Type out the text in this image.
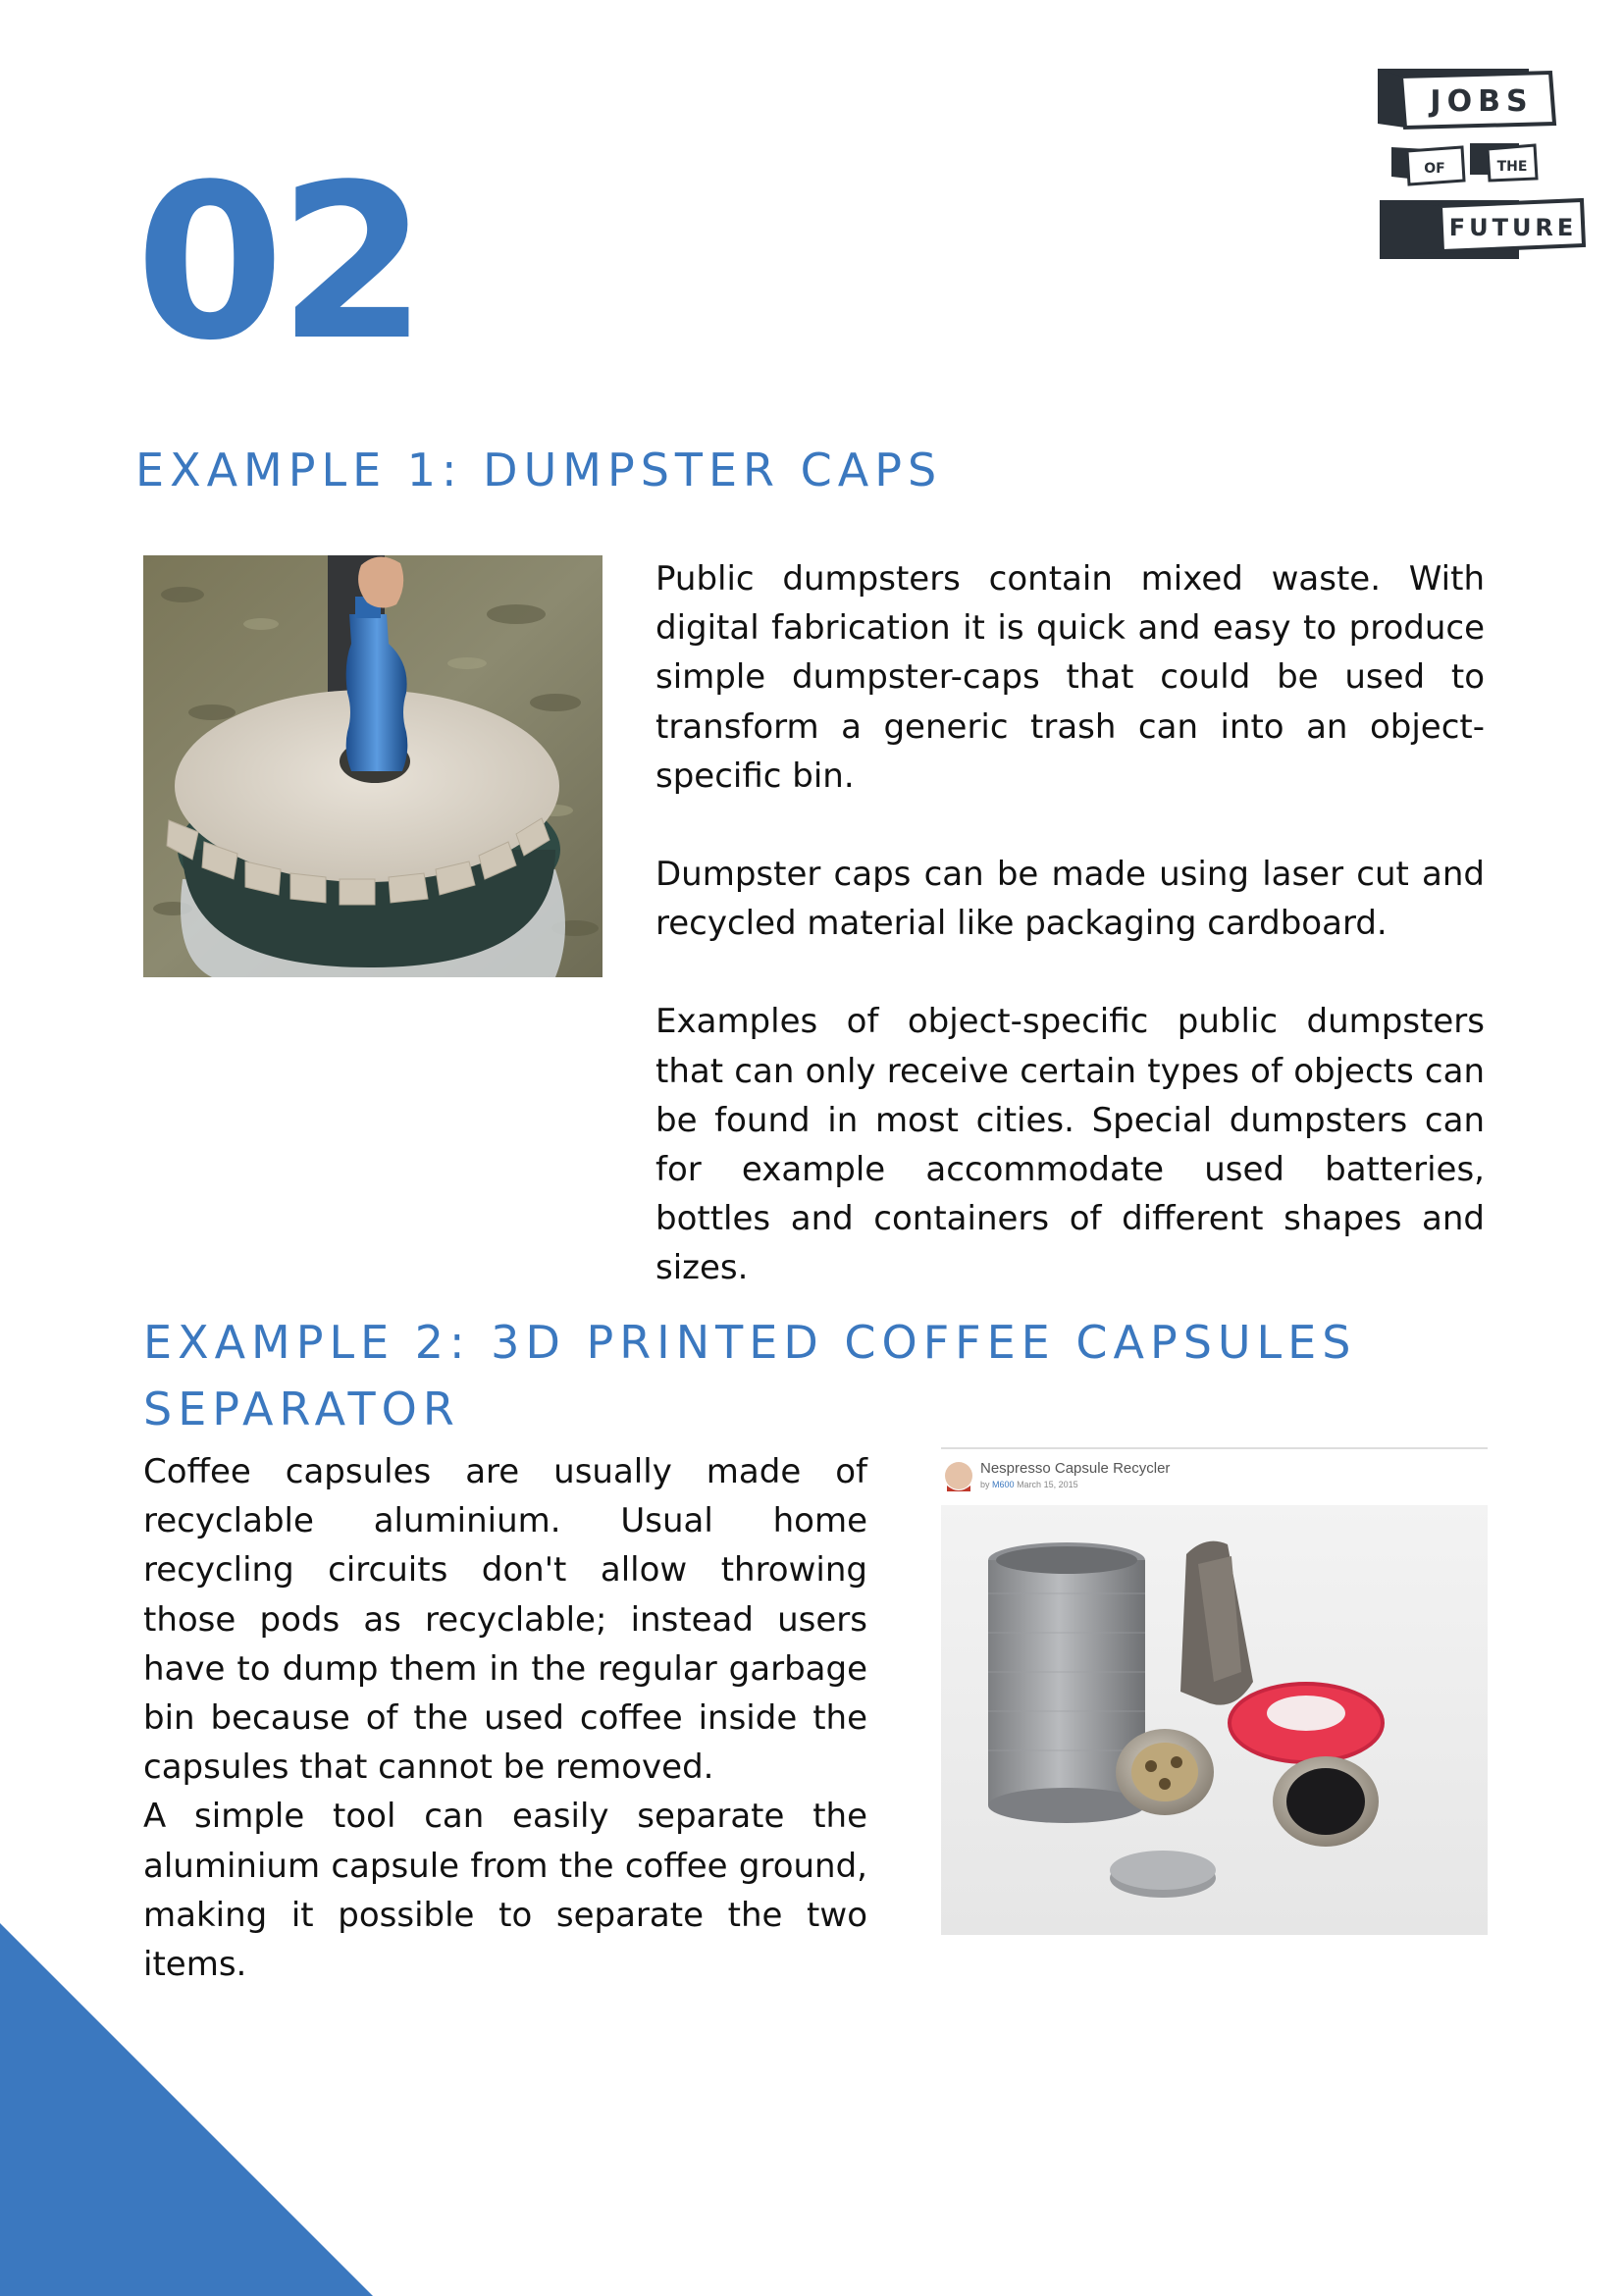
02
JOBS
OF	THE
FUTURE
EXAMPLE 1: DUMPSTER CAPS

Public dumpsters contain mixed waste. With digital fabrication it is quick and easy to produce simple dumpster-caps that could be used to transform a generic trash can into an object-specific bin.

Dumpster caps can be made using laser cut and recycled material like packaging cardboard.

Examples of object-specific public dumpsters that can only receive certain types of objects can be found in most cities. Special dumpsters can for example accommodate used batteries, bottles and containers of different shapes and sizes.

EXAMPLE 2: 3D PRINTED COFFEE CAPSULES
SEPARATOR

Coffee capsules are usually made of recyclable aluminium. Usual home recycling circuits don't allow throwing those pods as recyclable; instead users have to dump them in the regular garbage bin because of the used coffee inside the capsules that cannot be removed.

A simple tool can easily separate the aluminium capsule from the coffee ground, making it possible to separate the two items.

Nespresso Capsule Recycler
by M600 March 15, 2015
